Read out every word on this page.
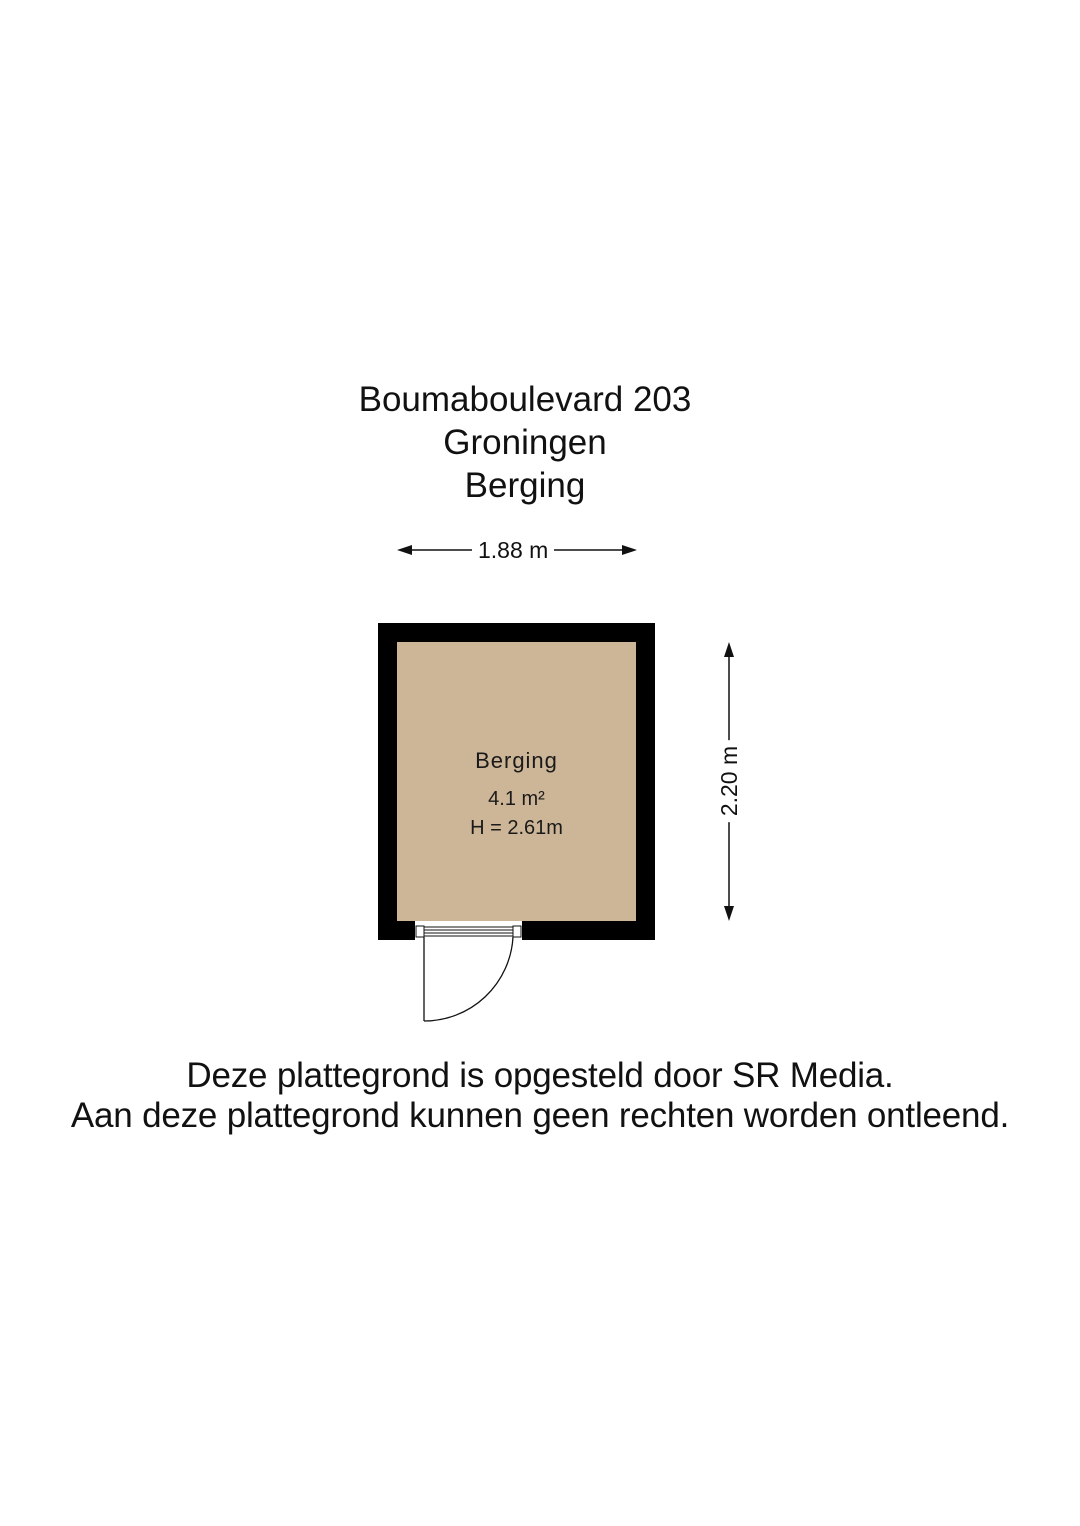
Boumaboulevard 203
Groningen
Berging
1.88 m
2.20 m
Berging
4.1 m²
H = 2.61m
Deze plattegrond is opgesteld door SR Media.
Aan deze plattegrond kunnen geen rechten worden ontleend.
